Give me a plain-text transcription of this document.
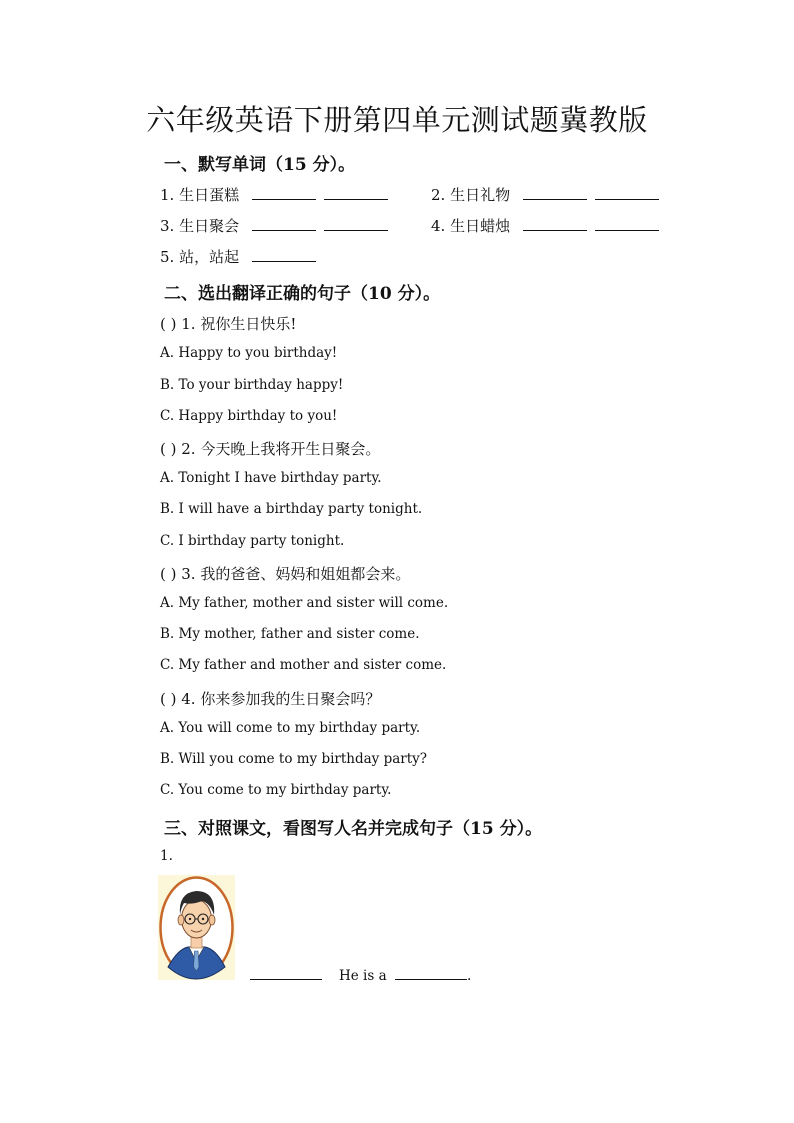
六年级英语下册第四单元测试题冀教版
一、默写单词（15 分）。
1. 生日蛋糕	2. 生日礼物
3. 生日聚会	4. 生日蜡烛
5. 站，站起
二、选出翻译正确的句子（10 分）。
( ) 1. 祝你生日快乐!
A. Happy to you birthday!
B. To your birthday happy!
C. Happy birthday to you!
( ) 2. 今天晚上我将开生日聚会。
A. Tonight I have birthday party.
B. I will have a birthday party tonight.
C. I birthday party tonight.
( ) 3. 我的爸爸、妈妈和姐姐都会来。
A. My father, mother and sister will come.
B. My mother, father and sister come.
C. My father and mother and sister come.
( ) 4. 你来参加我的生日聚会吗？
A. You will come to my birthday party.
B. Will you come to my birthday party?
C. You come to my birthday party.
三、对照课文，看图写人名并完成句子（15 分）。
1.
He is a	.
